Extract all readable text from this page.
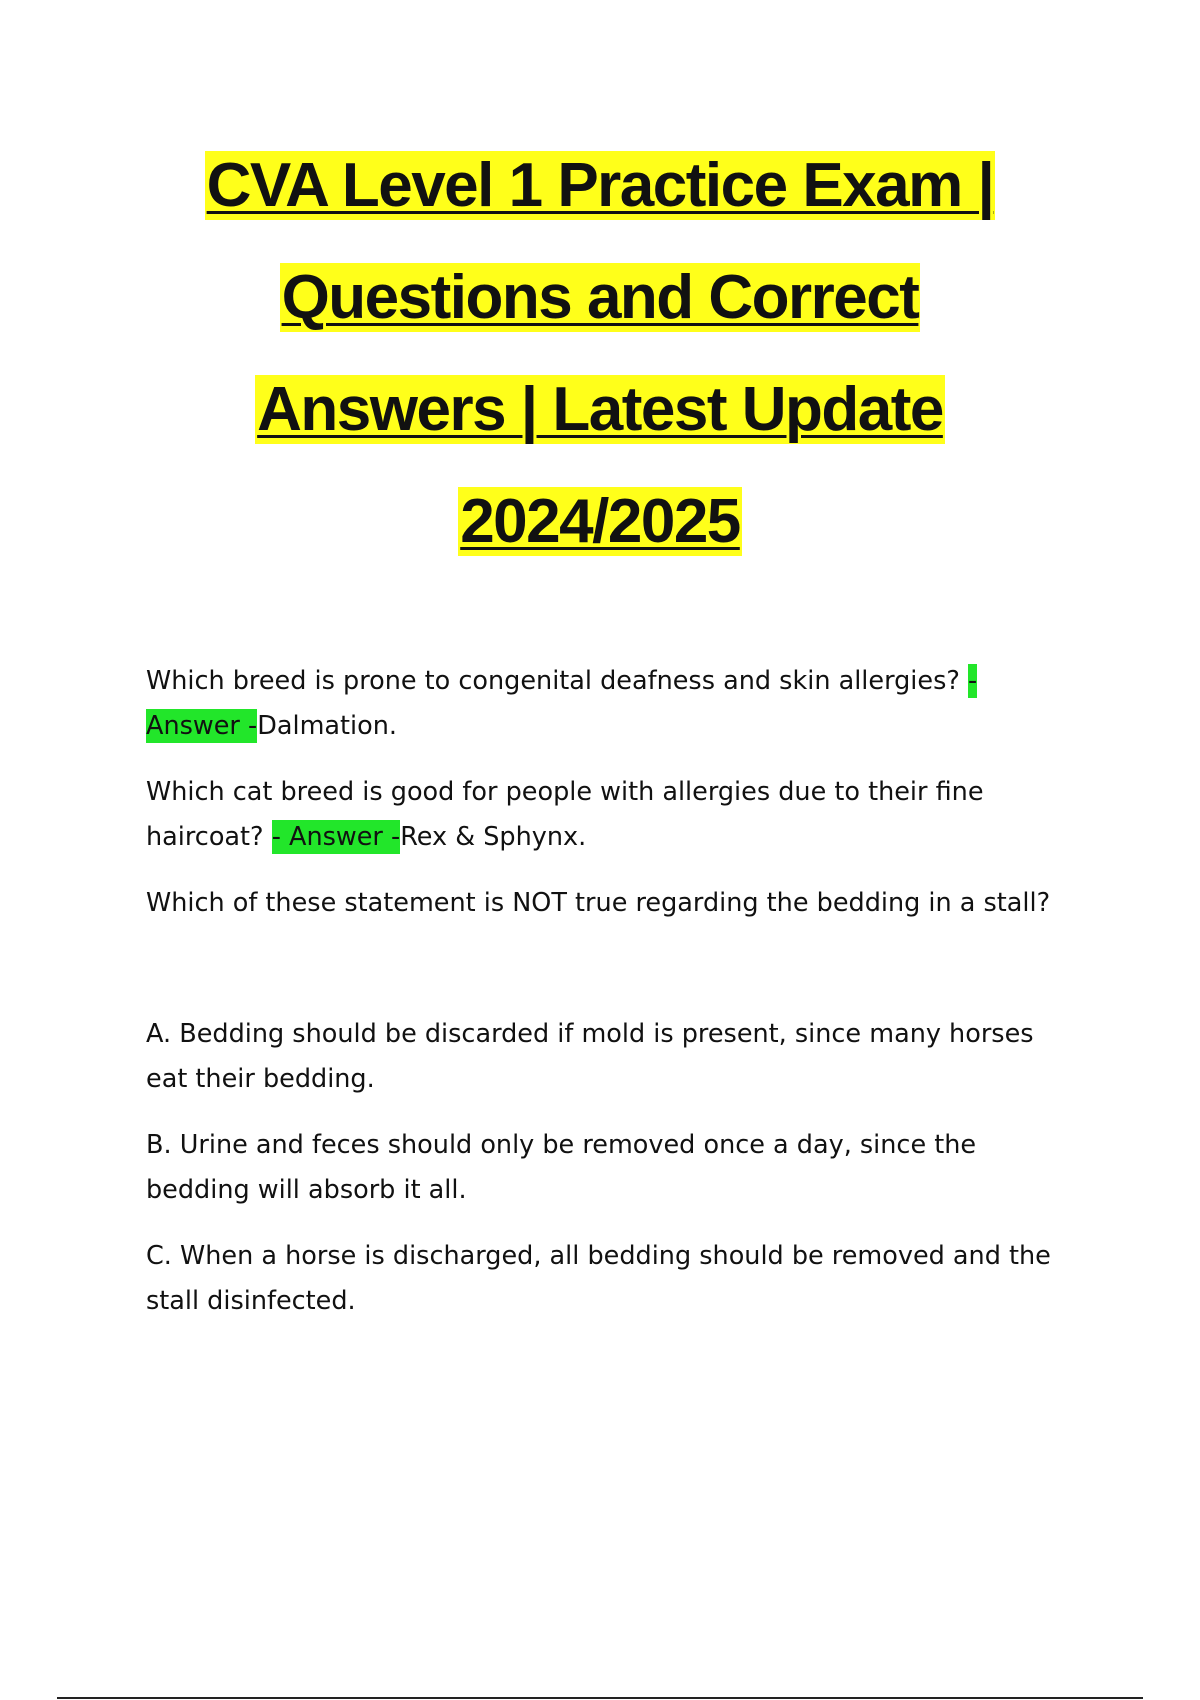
CVA Level 1 Practice Exam |
Questions and Correct
Answers | Latest Update
2024/2025

Which breed is prone to congenital deafness and skin allergies? - Answer -Dalmation.

Which cat breed is good for people with allergies due to their fine haircoat? - Answer -Rex & Sphynx.

Which of these statement is NOT true regarding the bedding in a stall?

A. Bedding should be discarded if mold is present, since many horses eat their bedding.

B. Urine and feces should only be removed once a day, since the bedding will absorb it all.

C. When a horse is discharged, all bedding should be removed and the stall disinfected.
